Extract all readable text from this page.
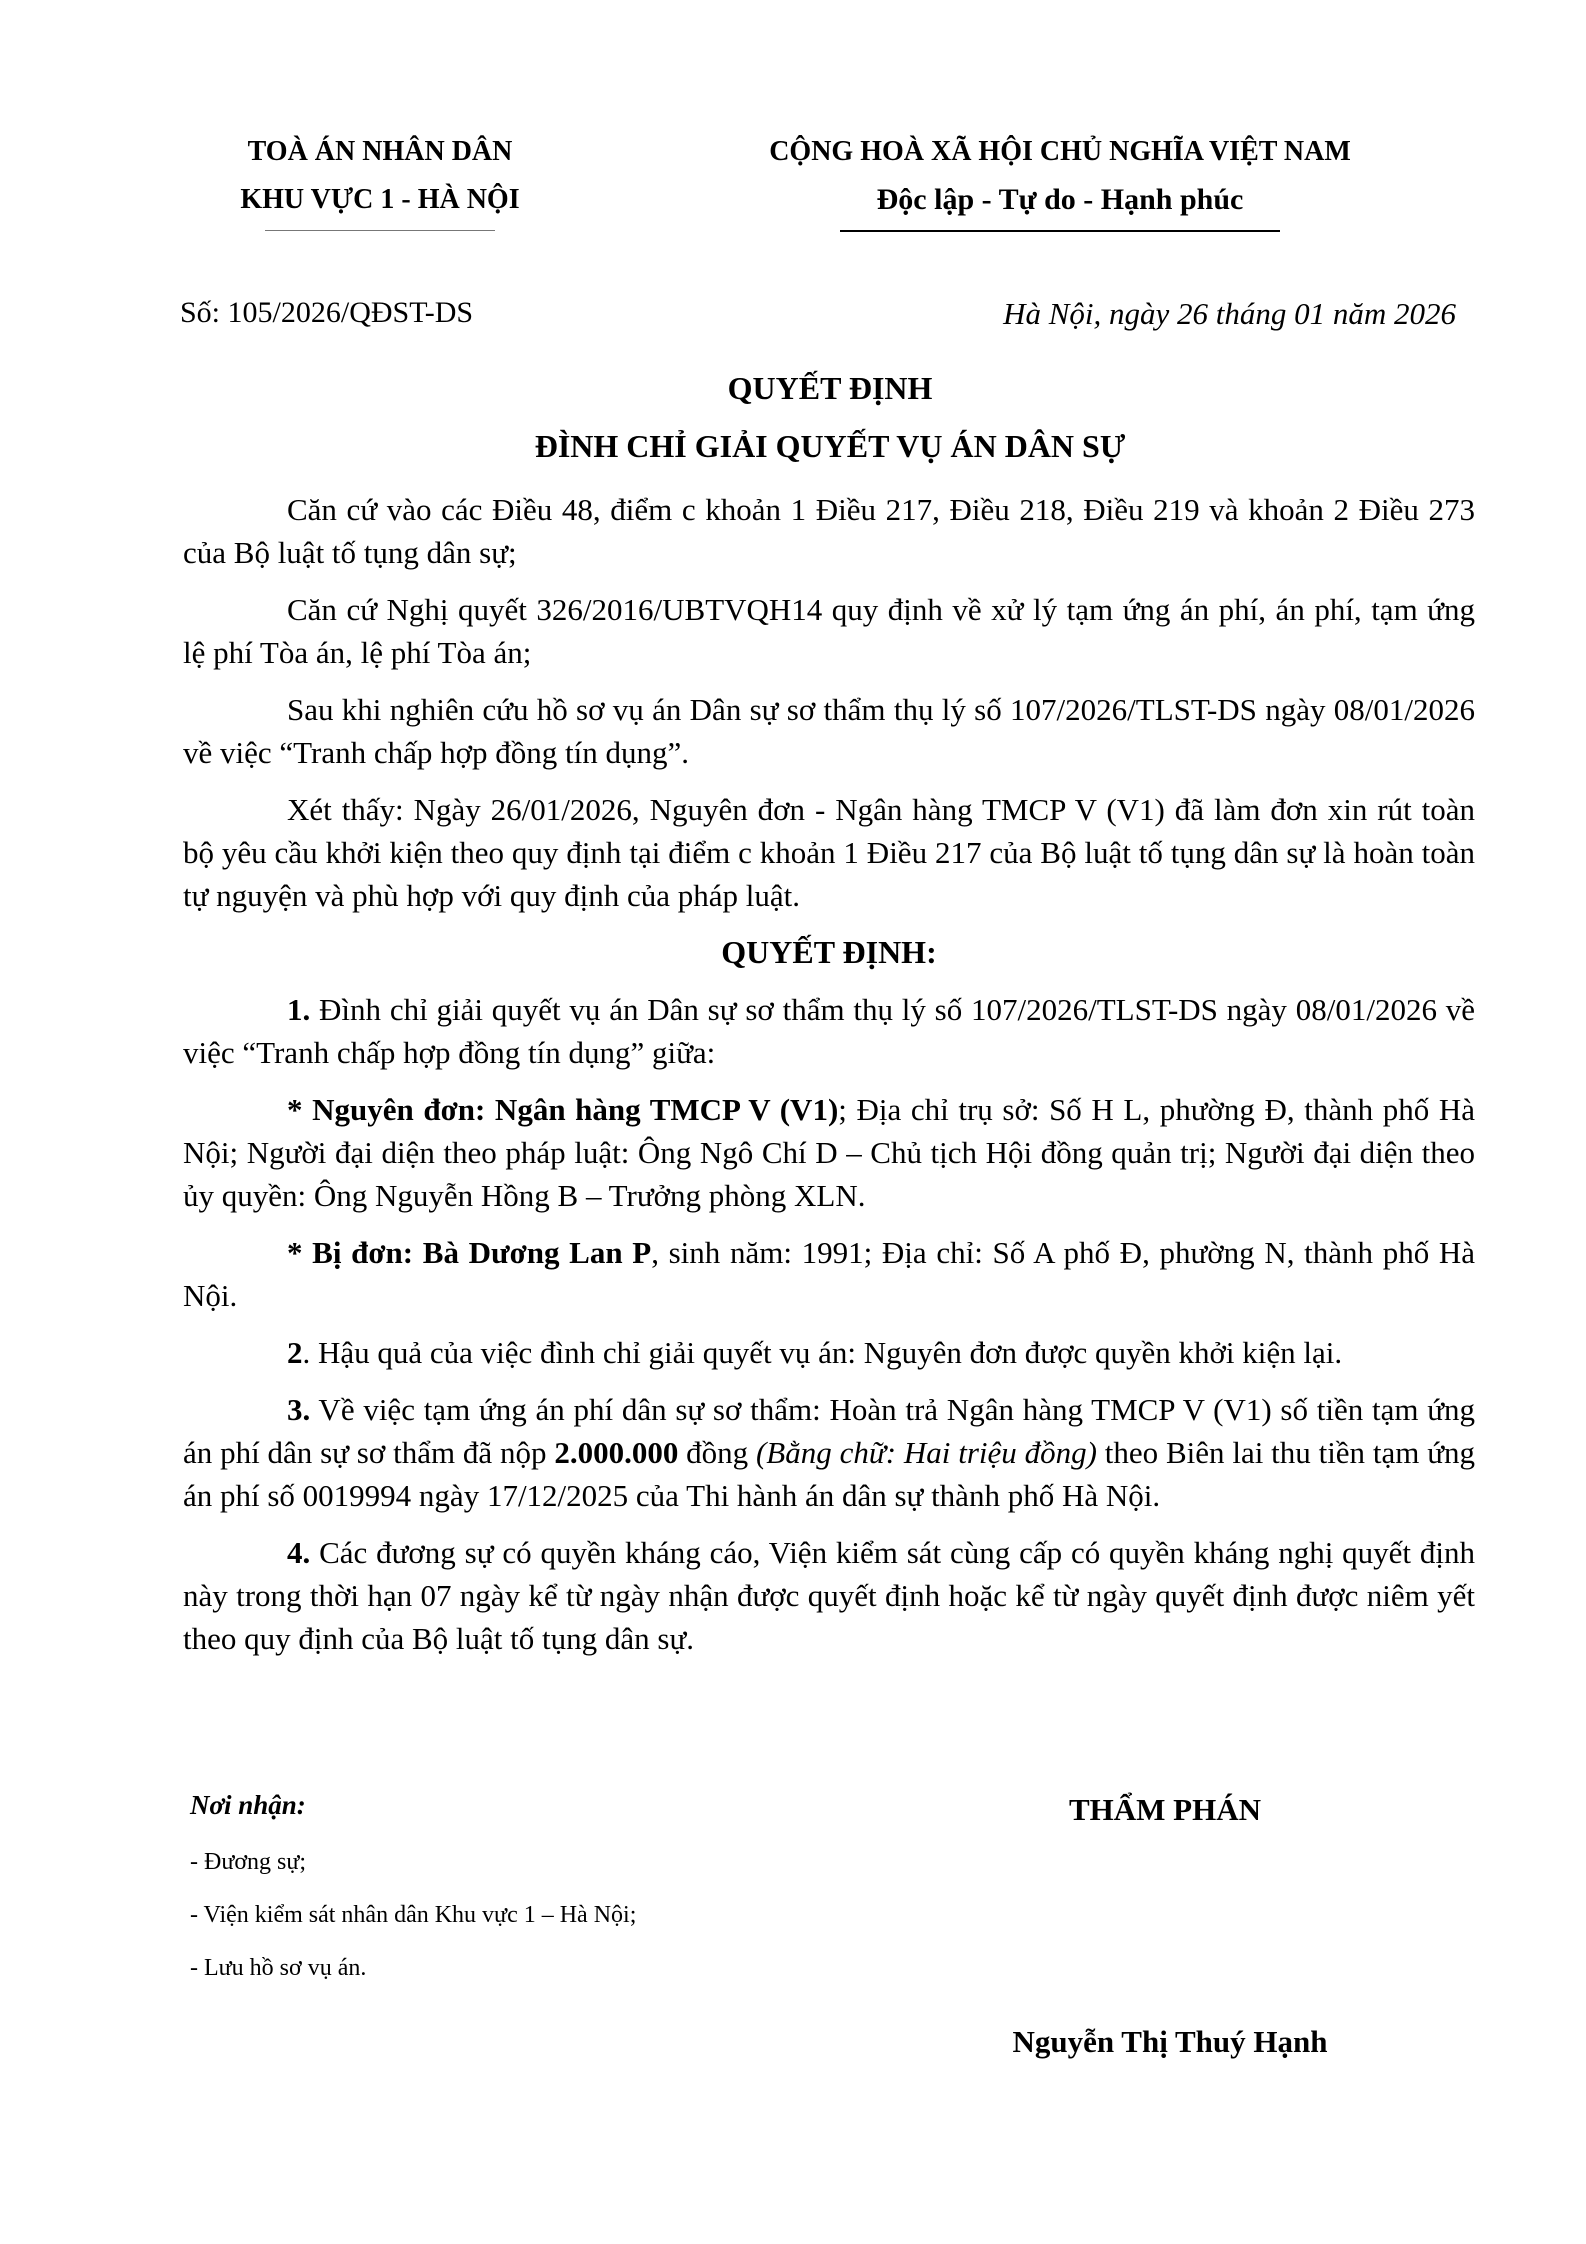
TOÀ ÁN NHÂN DÂN
KHU VỰC 1 - HÀ NỘI
CỘNG HOÀ XÃ HỘI CHỦ NGHĨA VIỆT NAM
Độc lập - Tự do - Hạnh phúc
Số: 105/2026/QĐST-DS	Hà Nội, ngày 26 tháng 01 năm 2026
QUYẾT ĐỊNH
ĐÌNH CHỈ GIẢI QUYẾT VỤ ÁN DÂN SỰ

Căn cứ vào các Điều 48, điểm c khoản 1 Điều 217, Điều 218, Điều 219 và khoản 2 Điều 273 của Bộ luật tố tụng dân sự;

Căn cứ Nghị quyết 326/2016/UBTVQH14 quy định về xử lý tạm ứng án phí, án phí, tạm ứng lệ phí Tòa án, lệ phí Tòa án;

Sau khi nghiên cứu hồ sơ vụ án Dân sự sơ thẩm thụ lý số 107/2026/TLST-DS ngày 08/01/2026 về việc “Tranh chấp hợp đồng tín dụng”.

Xét thấy: Ngày 26/01/2026, Nguyên đơn - Ngân hàng TMCP V (V1) đã làm đơn xin rút toàn bộ yêu cầu khởi kiện theo quy định tại điểm c khoản 1 Điều 217 của Bộ luật tố tụng dân sự là hoàn toàn tự nguyện và phù hợp với quy định của pháp luật.

QUYẾT ĐỊNH:

1. Đình chỉ giải quyết vụ án Dân sự sơ thẩm thụ lý số 107/2026/TLST-DS ngày 08/01/2026 về việc “Tranh chấp hợp đồng tín dụng” giữa:

* Nguyên đơn: Ngân hàng TMCP V (V1); Địa chỉ trụ sở: Số H L, phường Đ, thành phố Hà Nội; Người đại diện theo pháp luật: Ông Ngô Chí D – Chủ tịch Hội đồng quản trị; Người đại diện theo ủy quyền: Ông Nguyễn Hồng B – Trưởng phòng XLN.

* Bị đơn: Bà Dương Lan P, sinh năm: 1991; Địa chỉ: Số A phố Đ, phường N, thành phố Hà Nội.

2. Hậu quả của việc đình chỉ giải quyết vụ án: Nguyên đơn được quyền khởi kiện lại.

3. Về việc tạm ứng án phí dân sự sơ thẩm: Hoàn trả Ngân hàng TMCP V (V1) số tiền tạm ứng án phí dân sự sơ thẩm đã nộp 2.000.000 đồng (Bằng chữ: Hai triệu đồng) theo Biên lai thu tiền tạm ứng án phí số 0019994 ngày 17/12/2025 của Thi hành án dân sự thành phố Hà Nội.

4. Các đương sự có quyền kháng cáo, Viện kiểm sát cùng cấp có quyền kháng nghị quyết định này trong thời hạn 07 ngày kể từ ngày nhận được quyết định hoặc kể từ ngày quyết định được niêm yết theo quy định của Bộ luật tố tụng dân sự.

Nơi nhận:
- Đương sự;
- Viện kiểm sát nhân dân Khu vực 1 – Hà Nội;
- Lưu hồ sơ vụ án.
THẨM PHÁN
Nguyễn Thị Thuý Hạnh
